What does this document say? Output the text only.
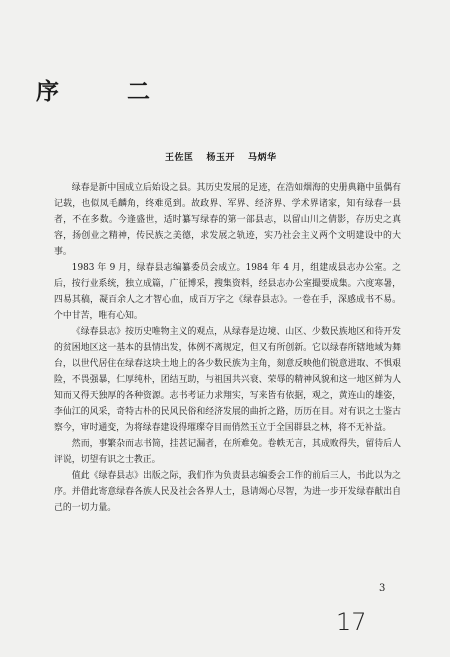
序 二

王佐匡 杨玉开 马炳华

绿春是新中国成立后始设之县。其历史发展的足迹，在浩如烟海的史册典籍中虽偶有记载，也似凤毛麟角，终难觅到。故政界、军界、经济界、学术界诸家，知有绿春一县者，不在多数。今逢盛世，适时纂写绿春的第一部县志，以留山川之倩影，存历史之真容，扬创业之精神，传民族之美德，求发展之轨迹，实乃社会主义两个文明建设中的大事。

1983 年 9 月，绿春县志编纂委员会成立。1984 年 4 月，组建成县志办公室。之后，按行业系统，独立成篇，广征博采，搜集资料，经县志办公室撮要成集。六度寒暑，四易其稿，凝百余人之才智心血，成百万字之《绿春县志》。一卷在手，深感成书不易。个中甘苦，唯有心知。

《绿春县志》按历史唯物主义的观点，从绿春是边境、山区、少数民族地区和待开发的贫困地区这一基本的县情出发，体例不离规定，但又有所创新。它以绿春所辖地域为舞台，以世代居住在绿春这块土地上的各少数民族为主角，刻意反映他们锐意进取、不惧艰险，不畏强暴，仁厚纯朴，团结互助，与祖国共兴衰、荣辱的精神风貌和这一地区鲜为人知而又得天独厚的各种资源。志书考证力求翔实，写来皆有依据，观之，黄连山的雄姿，李仙江的风采，奇特古朴的民风民俗和经济发展的曲折之路，历历在目。对有识之士鉴古察今，审时通变，为将绿春建设得璀璨夺目而俏然玉立于全国群县之林，将不无补益。

然而，事繁杂而志书简，挂甚记漏者，在所难免。卷帙无言，其成败得失，留待后人评说，切望有识之士教正。

值此《绿春县志》出版之际，我们作为负责县志编委会工作的前后三人，书此以为之序。并借此寄意绿春各族人民及社会各界人士，恳请竭心尽智，为进一步开发绿春献出自己的一切力量。

3

17
